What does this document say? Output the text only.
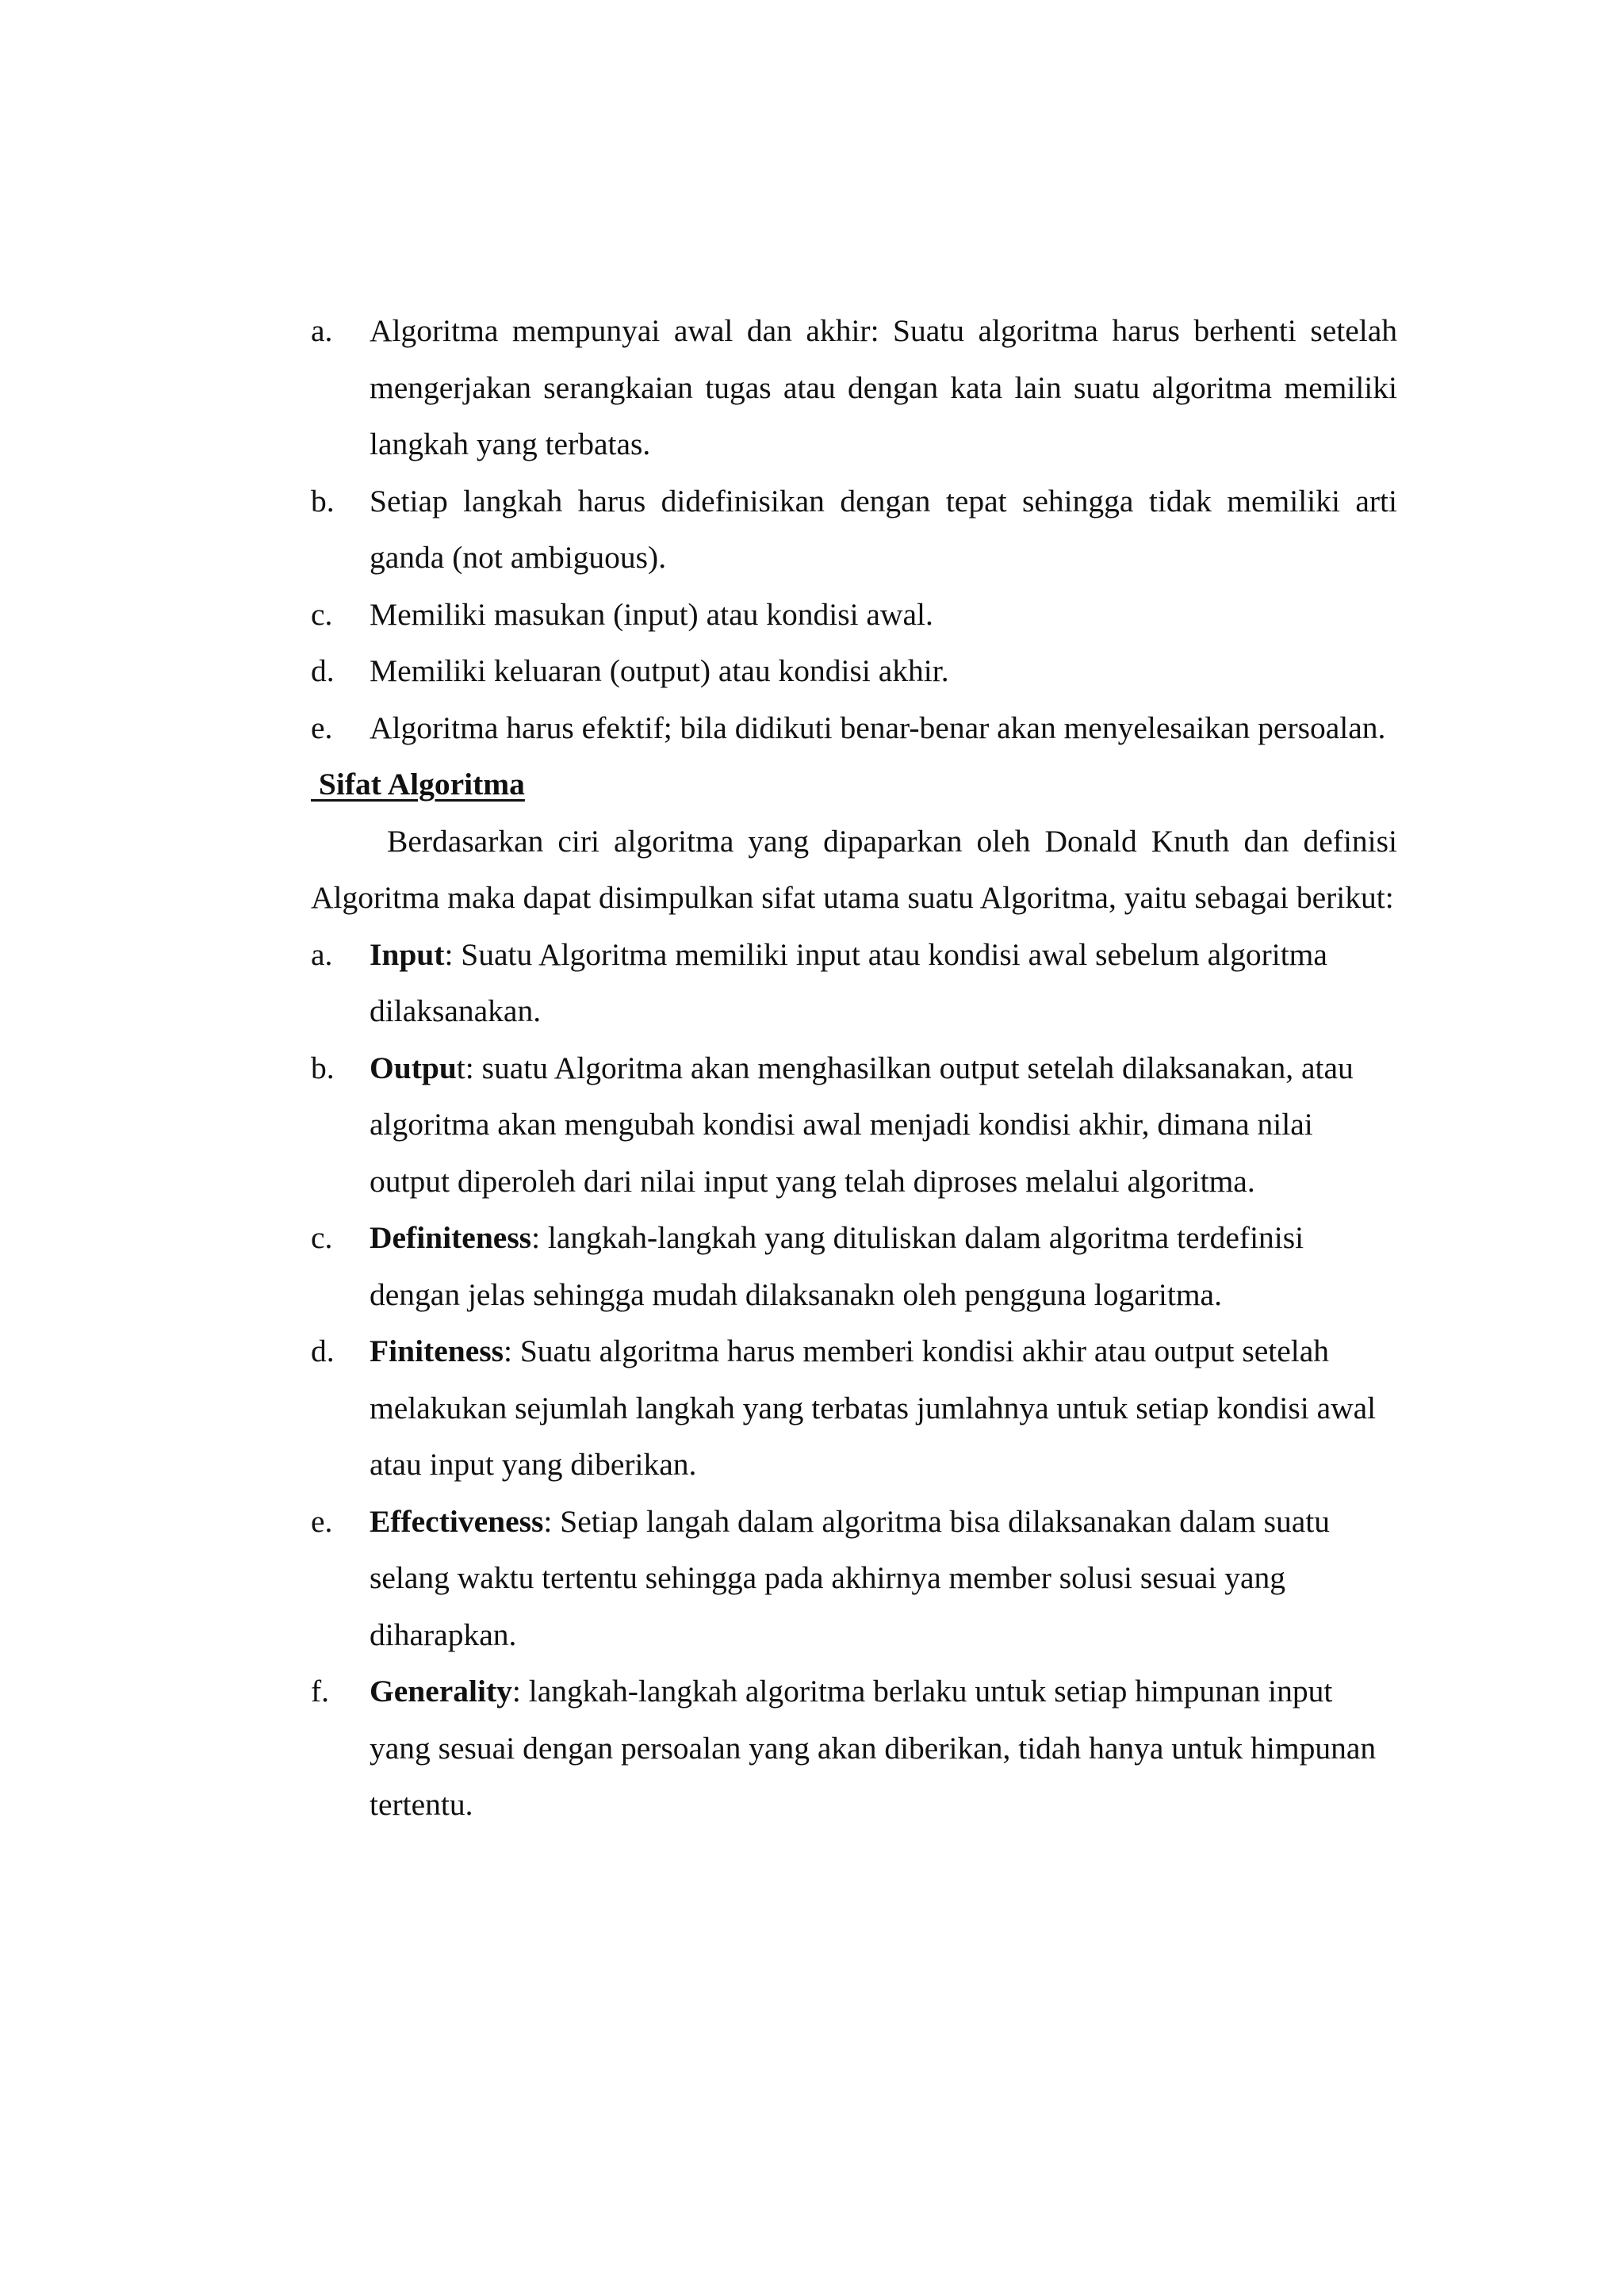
a.	Algoritma mempunyai awal dan akhir: Suatu algoritma harus berhenti setelah mengerjakan serangkaian tugas atau dengan kata lain suatu algoritma memiliki langkah yang terbatas.
b.	Setiap langkah harus didefinisikan dengan tepat sehingga tidak memiliki arti ganda (not ambiguous).
c.	Memiliki masukan (input) atau kondisi awal.
d.	Memiliki keluaran (output) atau kondisi akhir.
e.	Algoritma harus efektif; bila didikuti benar-benar akan menyelesaikan persoalan.
Sifat Algoritma

Berdasarkan ciri algoritma yang dipaparkan oleh Donald Knuth dan definisi Algoritma maka dapat disimpulkan sifat utama suatu Algoritma, yaitu sebagai berikut:

a.	Input: Suatu Algoritma memiliki input atau kondisi awal sebelum algoritma dilaksanakan.
b.	Output: suatu Algoritma akan menghasilkan output setelah dilaksanakan, atau algoritma akan mengubah kondisi awal menjadi kondisi akhir, dimana nilai output diperoleh dari nilai input yang telah diproses melalui algoritma.
c.	Definiteness: langkah-langkah yang dituliskan dalam algoritma terdefinisi dengan jelas sehingga mudah dilaksanakn oleh pengguna logaritma.
d.	Finiteness: Suatu algoritma harus memberi kondisi akhir atau output setelah melakukan sejumlah langkah yang terbatas jumlahnya untuk setiap kondisi awal atau input yang diberikan.
e.	Effectiveness: Setiap langah dalam algoritma bisa dilaksanakan dalam suatu selang waktu tertentu sehingga pada akhirnya member solusi sesuai yang diharapkan.
f.	Generality: langkah-langkah algoritma berlaku untuk setiap himpunan input yang sesuai dengan persoalan yang akan diberikan, tidah hanya untuk himpunan tertentu.
